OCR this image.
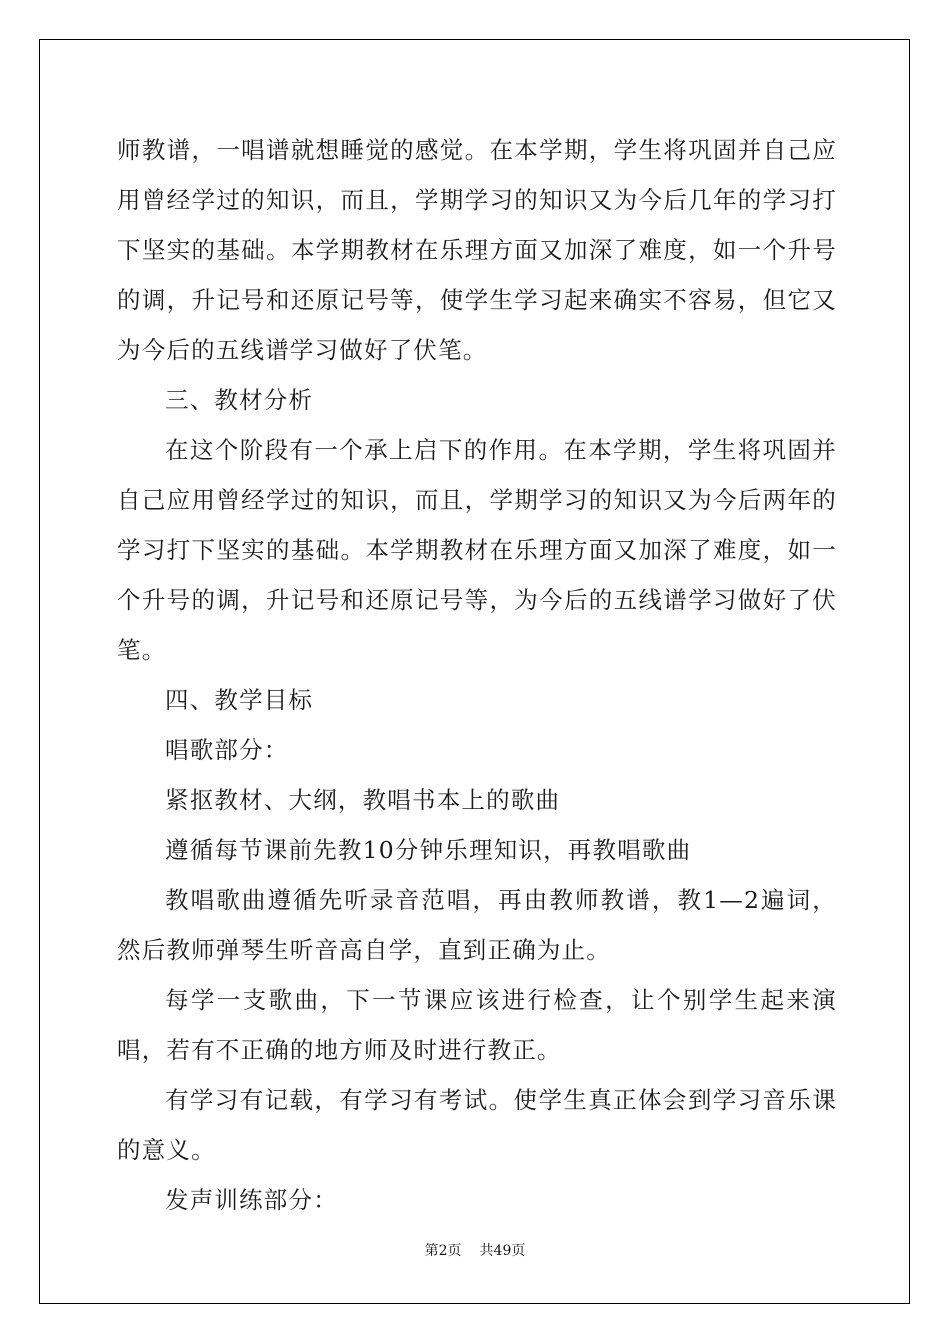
师教谱，一唱谱就想睡觉的感觉。在本学期，学生将巩固并自己应用曾经学过的知识，而且，学期学习的知识又为今后几年的学习打下坚实的基础。本学期教材在乐理方面又加深了难度，如一个升号的调，升记号和还原记号等，使学生学习起来确实不容易，但它又为今后的五线谱学习做好了伏笔。

三、教材分析

在这个阶段有一个承上启下的作用。在本学期，学生将巩固并自己应用曾经学过的知识，而且，学期学习的知识又为今后两年的学习打下坚实的基础。本学期教材在乐理方面又加深了难度，如一个升号的调，升记号和还原记号等，为今后的五线谱学习做好了伏笔。

四、教学目标

唱歌部分：

紧抠教材、大纲，教唱书本上的歌曲

遵循每节课前先教10分钟乐理知识，再教唱歌曲

教唱歌曲遵循先听录音范唱，再由教师教谱，教1—2遍词，然后教师弹琴生听音高自学，直到正确为止。

每学一支歌曲，下一节课应该进行检查，让个别学生起来演唱，若有不正确的地方师及时进行教正。

有学习有记载，有学习有考试。使学生真正体会到学习音乐课的意义。

发声训练部分：

第2页 共49页
